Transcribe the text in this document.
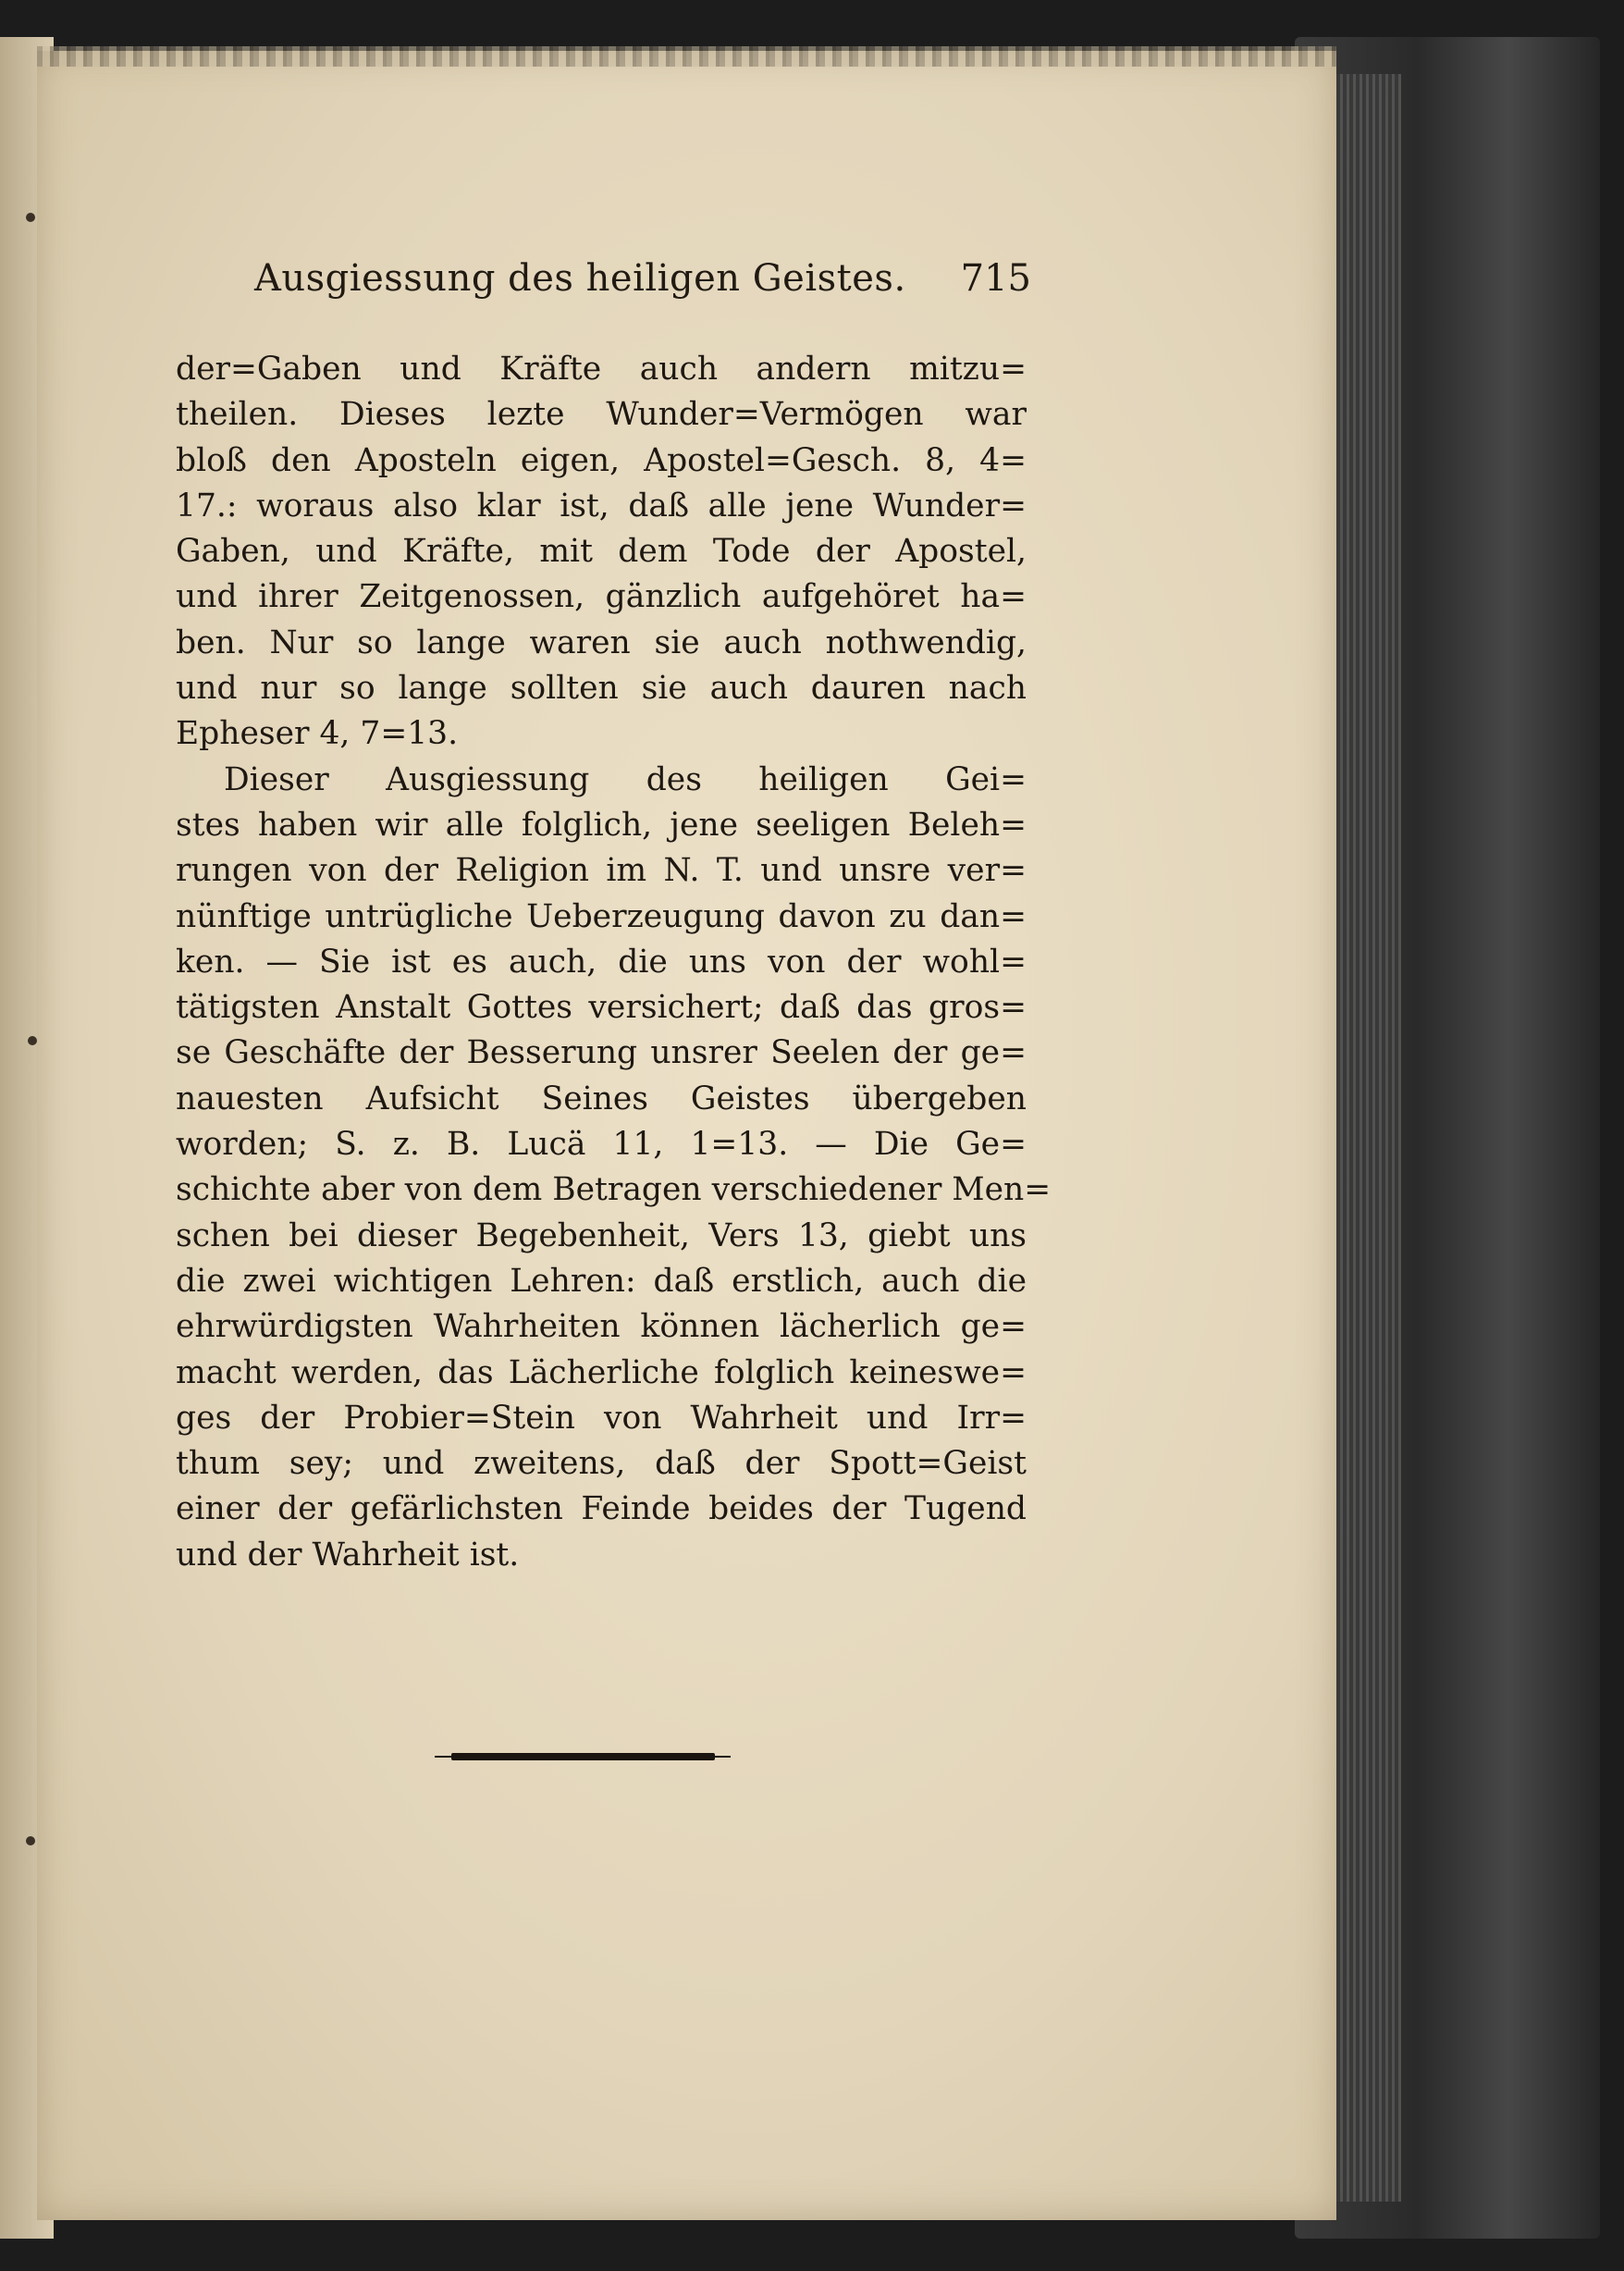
Ausgiessung des heiligen Geistes. 715
der=Gaben und Kräfte auch andern mitzu=
theilen. Dieses lezte Wunder=Vermögen war
bloß den Aposteln eigen, Apostel=Gesch. 8, 4=
17.: woraus also klar ist, daß alle jene Wunder=
Gaben, und Kräfte, mit dem Tode der Apostel,
und ihrer Zeitgenossen, gänzlich aufgehöret ha=
ben. Nur so lange waren sie auch nothwendig,
und nur so lange sollten sie auch dauren nach
Epheser 4, 7=13.
Dieser Ausgiessung des heiligen Gei=
stes haben wir alle folglich, jene seeligen Beleh=
rungen von der Religion im N. T. und unsre ver=
nünftige untrügliche Ueberzeugung davon zu dan=
ken. — Sie ist es auch, die uns von der wohl=
tätigsten Anstalt Gottes versichert; daß das gros=
se Geschäfte der Besserung unsrer Seelen der ge=
nauesten Aufsicht Seines Geistes übergeben
worden; S. z. B. Lucä 11, 1=13. — Die Ge=
schichte aber von dem Betragen verschiedener Men=
schen bei dieser Begebenheit, Vers 13, giebt uns
die zwei wichtigen Lehren: daß erstlich, auch die
ehrwürdigsten Wahrheiten können lächerlich ge=
macht werden, das Lächerliche folglich keineswe=
ges der Probier=Stein von Wahrheit und Irr=
thum sey; und zweitens, daß der Spott=Geist
einer der gefärlichsten Feinde beides der Tugend
und der Wahrheit ist.
